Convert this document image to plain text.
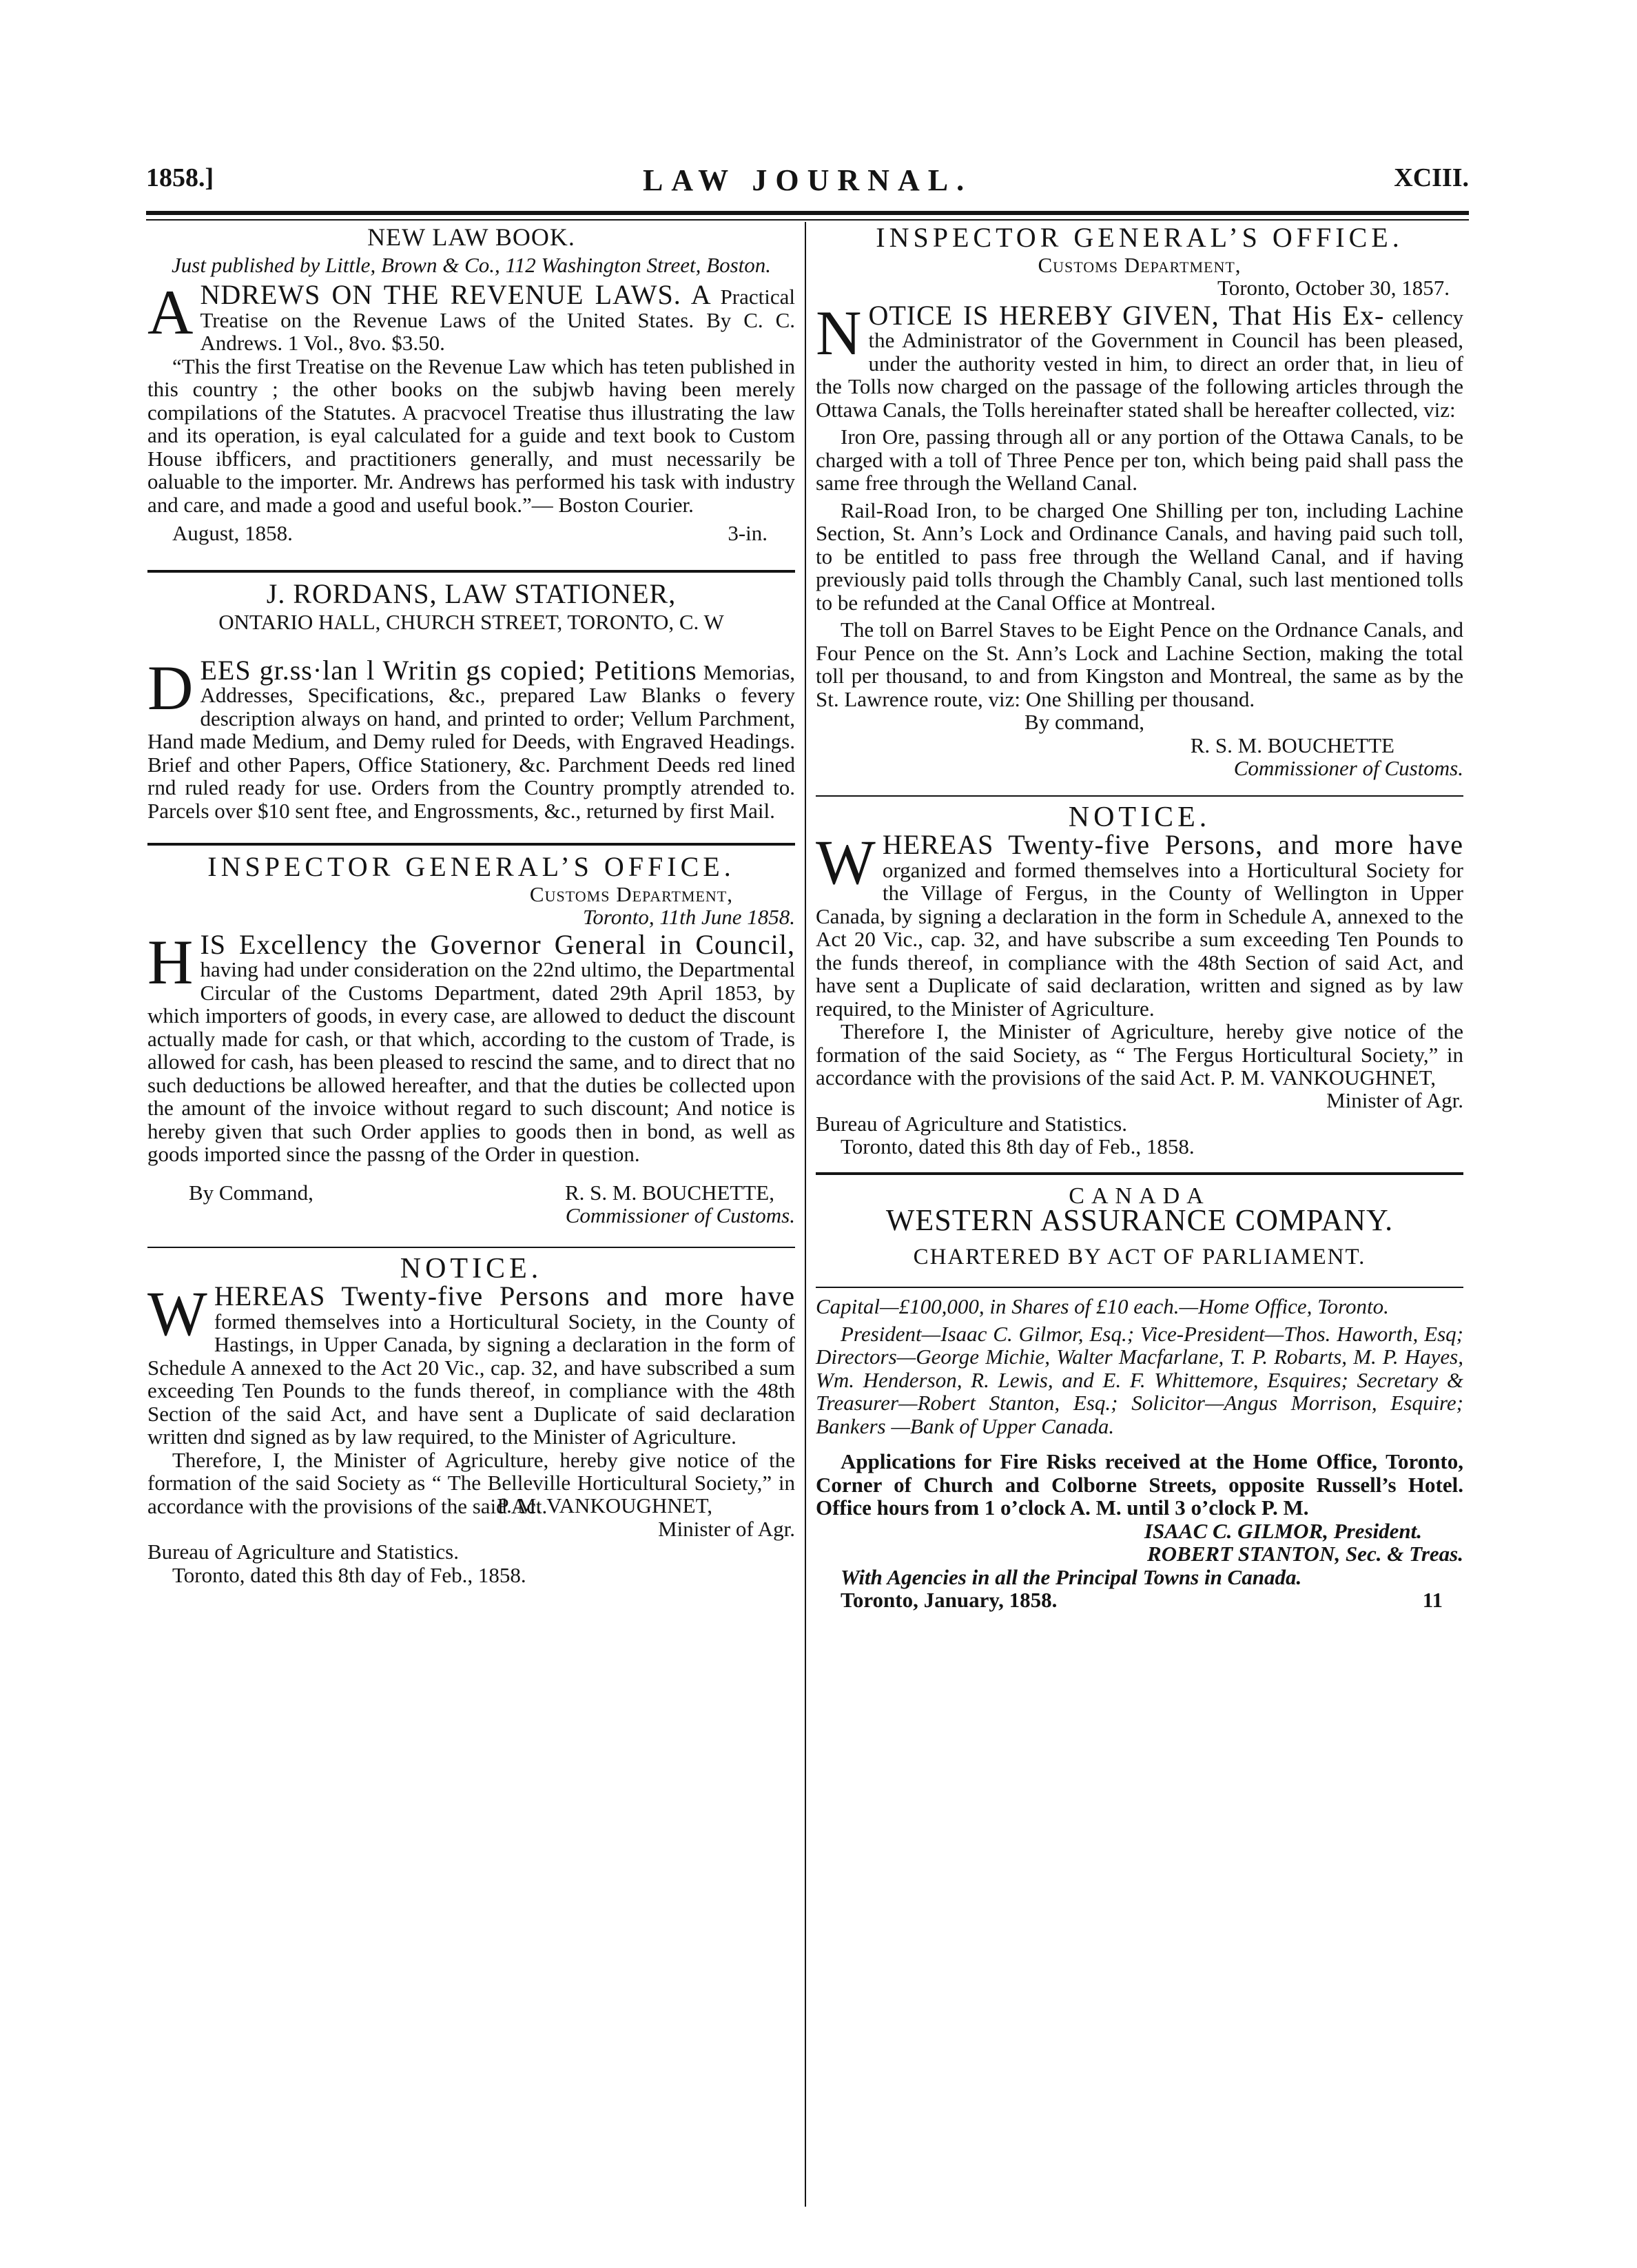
1858.]	LAW JOURNAL.	XCIII.
NEW LAW BOOK.

Just published by Little, Brown & Co., 112 Washington Street, Boston.

A NDREWS ON THE REVENUE LAWS. A Practical Treatise on the Revenue Laws of the United States. By C. C. Andrews. 1 Vol., 8vo. $3.50.

“This the first Treatise on the Revenue Law which has teten published in this country ; the other books on the subjwb having been merely compilations of the Statutes. A pracvocel Treatise thus illustrating the law and its operation, is eyal calculated for a guide and text book to Custom House ibfficers, and practitioners generally, and must necessarily be oaluable to the importer. Mr. Andrews has performed his task with industry and care, and made a good and useful book.”— Boston Courier.

August, 1858.	3-in.
J. RORDANS, LAW STATIONER,

ONTARIO HALL, CHURCH STREET, TORONTO, C. W

D EES gr.ss·lan l Writin gs copied; Petitions Memorias, Addresses, Specifications, &c., prepared Law Blanks o fevery description always on hand, and printed to order; Vellum Parchment, Hand made Medium, and Demy ruled for Deeds, with Engraved Headings. Brief and other Papers, Office Stationery, &c. Parchment Deeds red lined rnd ruled ready for use. Orders from the Country promptly atrended to. Parcels over $10 sent ftee, and Engrossments, &c., returned by first Mail.

INSPECTOR GENERAL’S OFFICE.

Customs Department,

Toronto, 11th June 1858.

H IS Excellency the Governor General in Council, having had under consideration on the 22nd ultimo, the Departmental Circular of the Customs Department, dated 29th April 1853, by which importers of goods, in every case, are allowed to deduct the discount actually made for cash, or that which, according to the custom of Trade, is allowed for cash, has been pleased to rescind the same, and to direct that no such deductions be allowed hereafter, and that the duties be collected upon the amount of the invoice without regard to such discount; And notice is hereby given that such Order applies to goods then in bond, as well as goods imported since the passng of the Order in question.

By Command,	R. S. M. BOUCHETTE,

Commissioner of Customs.

NOTICE.

W HEREAS Twenty-five Persons and more have formed themselves into a Horticultural Society, in the County of Hastings, in Upper Canada, by signing a declaration in the form of Schedule A annexed to the Act 20 Vic., cap. 32, and have subscribed a sum exceeding Ten Pounds to the funds thereof, in compliance with the 48th Section of the said Act, and have sent a Duplicate of said declaration written dnd signed as by law required, to the Minister of Agriculture.

Therefore, I, the Minister of Agriculture, hereby give notice of the formation of the said Society as “ The Belleville Horticultural Society,” in accordance with the provisions of the said Act.

P. M. VANKOUGHNET,

Minister of Agr.

Bureau of Agriculture and Statistics.

Toronto, dated this 8th day of Feb., 1858.

INSPECTOR GENERAL’S OFFICE.

Customs Department,

Toronto, October 30, 1857.

N OTICE IS HEREBY GIVEN, That His Ex- cellency the Administrator of the Government in Council has been pleased, under the authority vested in him, to direct an order that, in lieu of the Tolls now charged on the passage of the following articles through the Ottawa Canals, the Tolls hereinafter stated shall be hereafter collected, viz:

Iron Ore, passing through all or any portion of the Ottawa Canals, to be charged with a toll of Three Pence per ton, which being paid shall pass the same free through the Welland Canal.

Rail-Road Iron, to be charged One Shilling per ton, including Lachine Section, St. Ann’s Lock and Ordinance Canals, and having paid such toll, to be entitled to pass free through the Welland Canal, and if having previously paid tolls through the Chambly Canal, such last mentioned tolls to be refunded at the Canal Office at Montreal.

The toll on Barrel Staves to be Eight Pence on the Ordnance Canals, and Four Pence on the St. Ann’s Lock and Lachine Section, making the total toll per thousand, to and from Kingston and Montreal, the same as by the St. Lawrence route, viz: One Shilling per thousand.

By command,

R. S. M. BOUCHETTE

Commissioner of Customs.

NOTICE.

W HEREAS Twenty-five Persons, and more have organized and formed themselves into a Horticultural Society for the Village of Fergus, in the County of Wellington in Upper Canada, by signing a declaration in the form in Schedule A, annexed to the Act 20 Vic., cap. 32, and have subscribe a sum exceeding Ten Pounds to the funds thereof, in compliance with the 48th Section of said Act, and have sent a Duplicate of said declaration, written and signed as by law required, to the Minister of Agriculture.

Therefore I, the Minister of Agriculture, hereby give notice of the formation of the said Society, as “ The Fergus Horticultural Society,” in accordance with the provisions of the said Act. P. M. VANKOUGHNET,

Minister of Agr.

Bureau of Agriculture and Statistics.

Toronto, dated this 8th day of Feb., 1858.

CANADA
WESTERN ASSURANCE COMPANY.
CHARTERED BY ACT OF PARLIAMENT.

Capital—£100,000, in Shares of £10 each.—Home Office, Toronto.

President—Isaac C. Gilmor, Esq.; Vice-President—Thos. Haworth, Esq; Directors—George Michie, Walter Macfarlane, T. P. Robarts, M. P. Hayes, Wm. Henderson, R. Lewis, and E. F. Whittemore, Esquires; Secretary & Treasurer—Robert Stanton, Esq.; Solicitor—Angus Morrison, Esquire; Bankers —Bank of Upper Canada.

Applications for Fire Risks received at the Home Office, Toronto, Corner of Church and Colborne Streets, opposite Russell’s Hotel. Office hours from 1 o’clock A. M. until 3 o’clock P. M.

ISAAC C. GILMOR, President.

ROBERT STANTON, Sec. & Treas.

With Agencies in all the Principal Towns in Canada.

Toronto, January, 1858.	11
